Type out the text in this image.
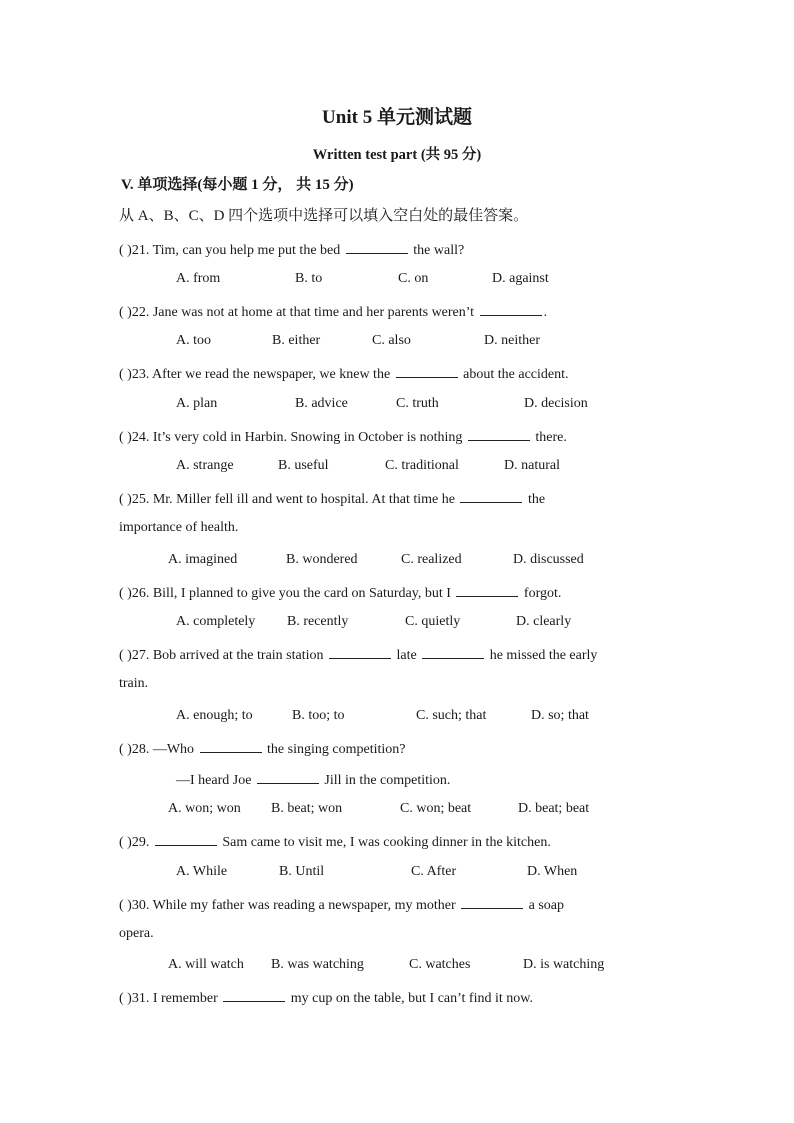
Unit 5 单元测试题
Written test part (共 95 分)
V. 单项选择(每小题 1 分， 共 15 分)
从 A、B、C、D 四个选项中选择可以填入空白处的最佳答案。
( )21. Tim, can you help me put the bed	the wall?
A. from	B. to	C. on	D. against
( )22. Jane was not at home at that time and her parents weren’t	.
A. too	B. either	C. also	D. neither
( )23. After we read the newspaper, we knew the	about the accident.
A. plan	B. advice	C. truth	D. decision
( )24. It’s very cold in Harbin. Snowing in October is nothing	there.
A. strange	B. useful	C. traditional	D. natural
( )25. Mr. Miller fell ill and went to hospital. At that time he	the
importance of health.
A. imagined	B. wondered	C. realized	D. discussed
( )26. Bill, I planned to give you the card on Saturday, but I	forgot.
A. completely B. recently	C. quietly	D. clearly
( )27. Bob arrived at the train station	late	he missed the early
train.
A. enough; to	B. too; to	C. such; that	D. so; that
( )28. —Who	the singing competition?
—I heard Joe	Jill in the competition.
A. won; won B. beat; won	C. won; beat	D. beat; beat
( )29.	Sam came to visit me, I was cooking dinner in the kitchen.
A. While	B. Until	C. After	D. When
( )30. While my father was reading a newspaper, my mother	a soap
opera.
A. will watch B. was watching	C. watches	D. is watching
( )31. I remember	my cup on the table, but I can’t find it now.
